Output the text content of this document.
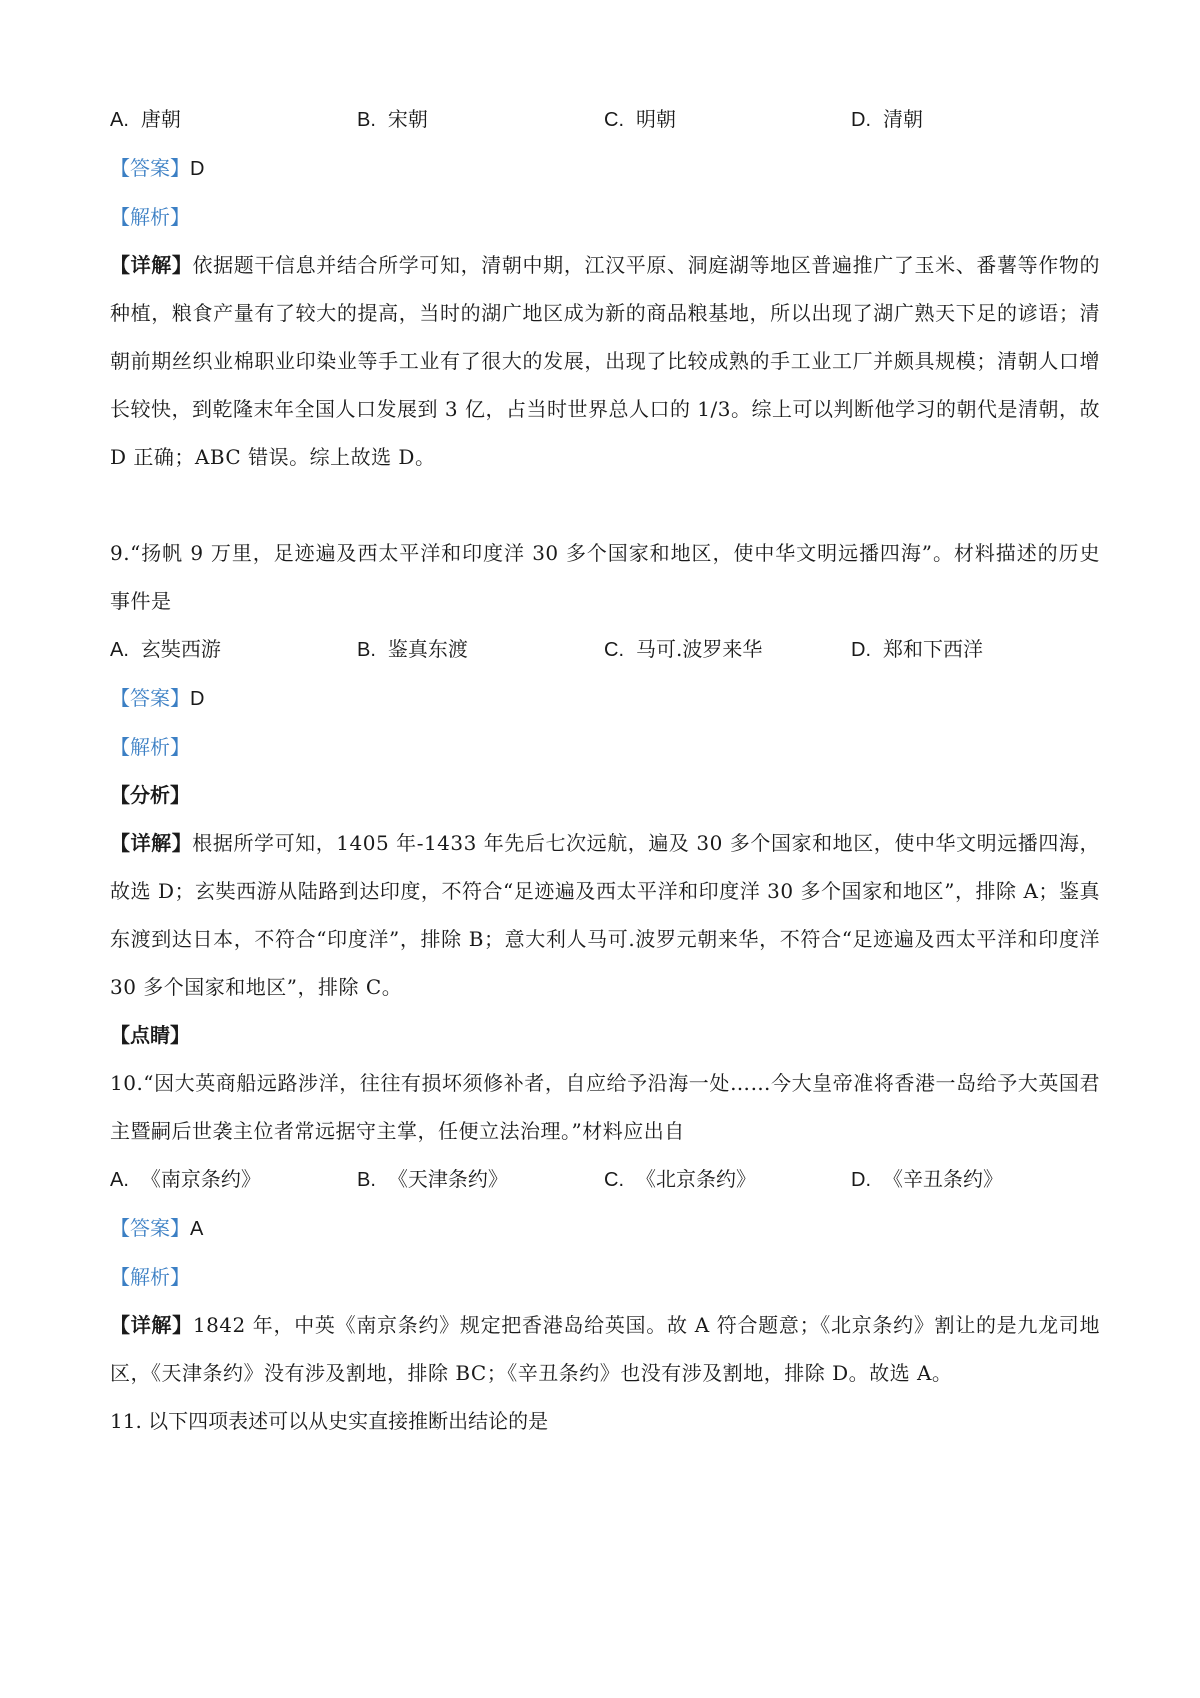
A. 唐朝	B. 宋朝	C. 明朝	D. 清朝
【答案】D
【解析】
【详解】依据题干信息并结合所学可知，清朝中期，江汉平原、洞庭湖等地区普遍推广了玉米、番薯等作物的种植，粮食产量有了较大的提高，当时的湖广地区成为新的商品粮基地，所以出现了湖广熟天下足的谚语；清朝前期丝织业棉职业印染业等手工业有了很大的发展，出现了比较成熟的手工业工厂并颇具规模；清朝人口增长较快，到乾隆末年全国人口发展到 3 亿，占当时世界总人口的 1/3。综上可以判断他学习的朝代是清朝，故 D 正确；ABC 错误。综上故选 D。
9.“扬帆 9 万里，足迹遍及西太平洋和印度洋 30 多个国家和地区，使中华文明远播四海”。材料描述的历史事件是
A. 玄奘西游	B. 鉴真东渡	C. 马可.波罗来华	D. 郑和下西洋
【答案】D
【解析】
【分析】
【详解】根据所学可知，1405 年-1433 年先后七次远航，遍及 30 多个国家和地区，使中华文明远播四海，故选 D；玄奘西游从陆路到达印度，不符合“足迹遍及西太平洋和印度洋 30 多个国家和地区”，排除 A；鉴真东渡到达日本，不符合“印度洋”，排除 B；意大利人马可.波罗元朝来华，不符合“足迹遍及西太平洋和印度洋 30 多个国家和地区”，排除 C。
【点睛】
10.“因大英商船远路涉洋，往往有损坏须修补者，自应给予沿海一处……今大皇帝准将香港一岛给予大英国君主暨嗣后世袭主位者常远据守主掌，任便立法治理。”材料应出自
A. 《南京条约》	B. 《天津条约》	C. 《北京条约》	D. 《辛丑条约》
【答案】A
【解析】
【详解】1842 年，中英《南京条约》规定把香港岛给英国。故 A 符合题意；《北京条约》割让的是九龙司地区，《天津条约》没有涉及割地，排除 BC；《辛丑条约》也没有涉及割地，排除 D。故选 A。
11. 以下四项表述可以从史实直接推断出结论的是
